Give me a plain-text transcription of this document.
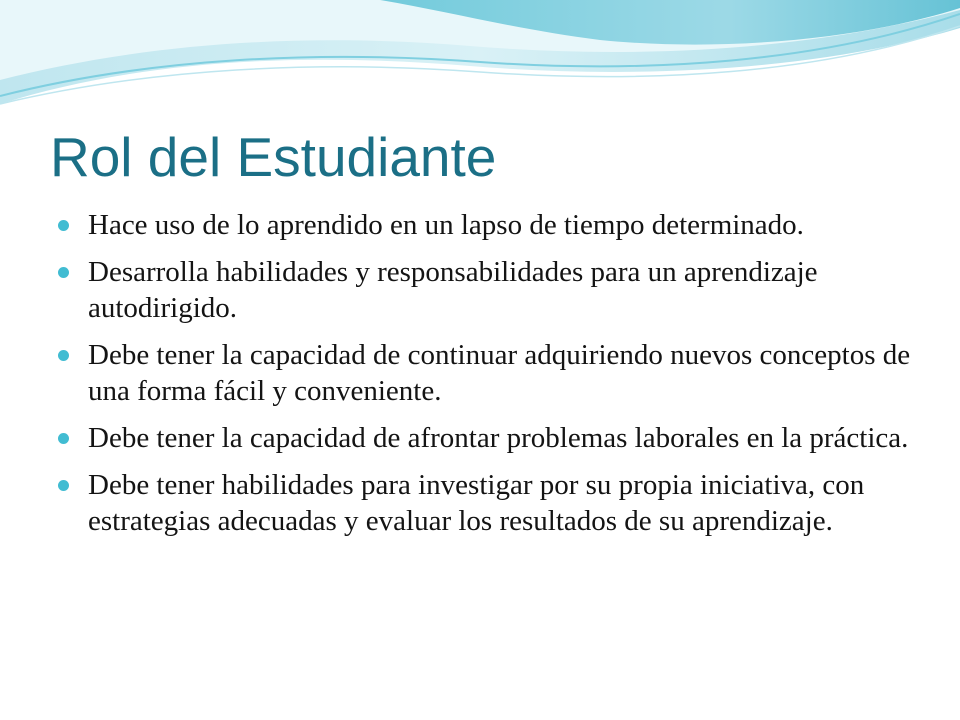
Rol del Estudiante
Hace uso de lo aprendido en un lapso de tiempo determinado.
Desarrolla habilidades y responsabilidades para un aprendizaje autodirigido.
Debe tener la capacidad de continuar adquiriendo nuevos conceptos de una forma fácil y conveniente.
Debe tener la capacidad de afrontar problemas laborales en la práctica.
Debe tener habilidades para investigar por su propia iniciativa, con estrategias adecuadas y evaluar los resultados de su aprendizaje.
